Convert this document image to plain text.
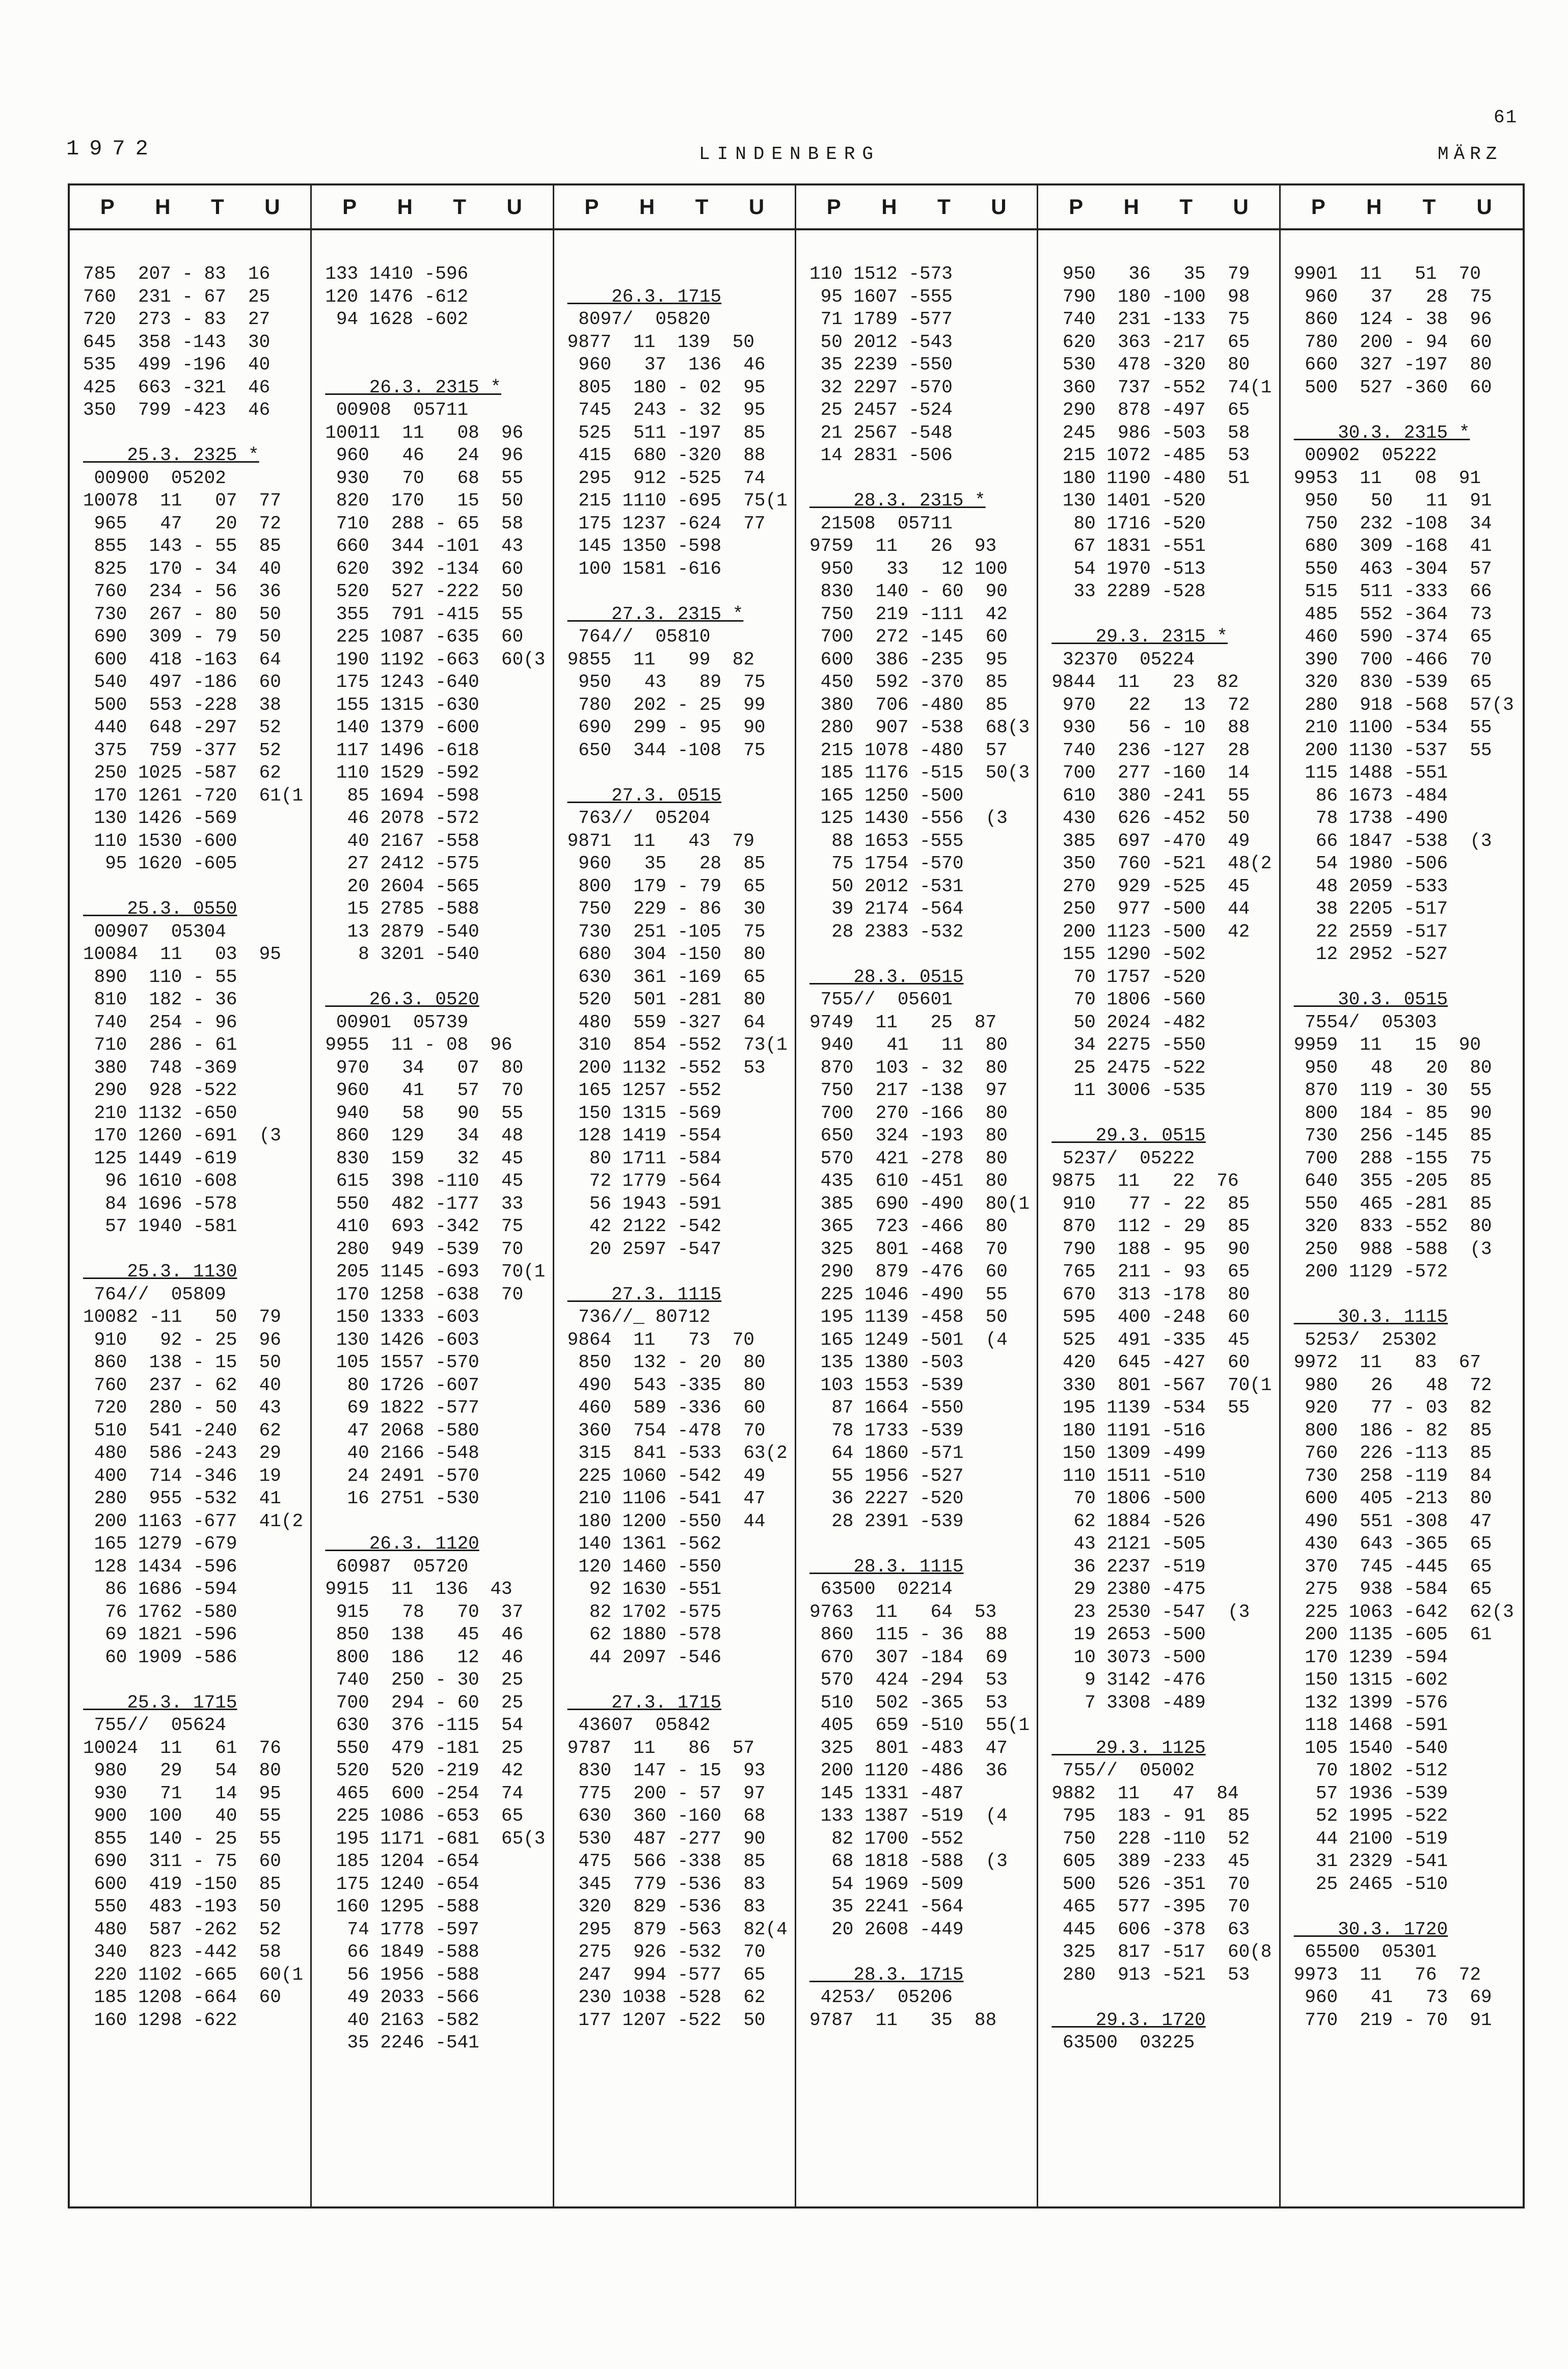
61
1972	LINDENBERG	MÄRZ
P H T U
785  207 - 83  16
760  231 - 67  25
720  273 - 83  27
645  358 -143  30
535  499 -196  40
425  663 -321  46
350  799 -423  46
25.3. 2325 *
00900  05202
10078  11   07  77
965   47   20  72
855  143 - 55  85
825  170 - 34  40
760  234 - 56  36
730  267 - 80  50
690  309 - 79  50
600  418 -163  64
540  497 -186  60
500  553 -228  38
440  648 -297  52
375  759 -377  52
250 1025 -587  62
170 1261 -720  61(1
130 1426 -569
110 1530 -600
95 1620 -605
25.3. 0550
00907  05304
10084  11   03  95
890  110 - 55
810  182 - 36
740  254 - 96
710  286 - 61
380  748 -369
290  928 -522
210 1132 -650
170 1260 -691  (3
125 1449 -619
96 1610 -608
84 1696 -578
57 1940 -581
25.3. 1130
764//  05809
10082 -11   50  79
910   92 - 25  96
860  138 - 15  50
760  237 - 62  40
720  280 - 50  43
510  541 -240  62
480  586 -243  29
400  714 -346  19
280  955 -532  41
200 1163 -677  41(2
165 1279 -679
128 1434 -596
86 1686 -594
76 1762 -580
69 1821 -596
60 1909 -586
25.3. 1715
755//  05624
10024  11   61  76
980   29   54  80
930   71   14  95
900  100   40  55
855  140 - 25  55
690  311 - 75  60
600  419 -150  85
550  483 -193  50
480  587 -262  52
340  823 -442  58
220 1102 -665  60(1
185 1208 -664  60
160 1298 -622
P H T U
133 1410 -596
120 1476 -612
94 1628 -602
26.3. 2315 *
00908  05711
10011  11   08  96
960   46   24  96
930   70   68  55
820  170   15  50
710  288 - 65  58
660  344 -101  43
620  392 -134  60
520  527 -222  50
355  791 -415  55
225 1087 -635  60
190 1192 -663  60(3
175 1243 -640
155 1315 -630
140 1379 -600
117 1496 -618
110 1529 -592
85 1694 -598
46 2078 -572
40 2167 -558
27 2412 -575
20 2604 -565
15 2785 -588
13 2879 -540
8 3201 -540
26.3. 0520
00901  05739
9955  11 - 08  96
970   34   07  80
960   41   57  70
940   58   90  55
860  129   34  48
830  159   32  45
615  398 -110  45
550  482 -177  33
410  693 -342  75
280  949 -539  70
205 1145 -693  70(1
170 1258 -638  70
150 1333 -603
130 1426 -603
105 1557 -570
80 1726 -607
69 1822 -577
47 2068 -580
40 2166 -548
24 2491 -570
16 2751 -530
26.3. 1120
60987  05720
9915  11  136  43
915   78   70  37
850  138   45  46
800  186   12  46
740  250 - 30  25
700  294 - 60  25
630  376 -115  54
550  479 -181  25
520  520 -219  42
465  600 -254  74
225 1086 -653  65
195 1171 -681  65(3
185 1204 -654
175 1240 -654
160 1295 -588
74 1778 -597
66 1849 -588
56 1956 -588
49 2033 -566
40 2163 -582
35 2246 -541
P H T U
26.3. 1715
8097/  05820
9877  11  139  50
960   37  136  46
805  180 - 02  95
745  243 - 32  95
525  511 -197  85
415  680 -320  88
295  912 -525  74
215 1110 -695  75(1
175 1237 -624  77
145 1350 -598
100 1581 -616
27.3. 2315 *
764//  05810
9855  11   99  82
950   43   89  75
780  202 - 25  99
690  299 - 95  90
650  344 -108  75
27.3. 0515
763//  05204
9871  11   43  79
960   35   28  85
800  179 - 79  65
750  229 - 86  30
730  251 -105  75
680  304 -150  80
630  361 -169  65
520  501 -281  80
480  559 -327  64
310  854 -552  73(1
200 1132 -552  53
165 1257 -552
150 1315 -569
128 1419 -554
80 1711 -584
72 1779 -564
56 1943 -591
42 2122 -542
20 2597 -547
27.3. 1115
736//_ 80712
9864  11   73  70
850  132 - 20  80
490  543 -335  80
460  589 -336  60
360  754 -478  70
315  841 -533  63(2
225 1060 -542  49
210 1106 -541  47
180 1200 -550  44
140 1361 -562
120 1460 -550
92 1630 -551
82 1702 -575
62 1880 -578
44 2097 -546
27.3. 1715
43607  05842
9787  11   86  57
830  147 - 15  93
775  200 - 57  97
630  360 -160  68
530  487 -277  90
475  566 -338  85
345  779 -536  83
320  829 -536  83
295  879 -563  82(4
275  926 -532  70
247  994 -577  65
230 1038 -528  62
177 1207 -522  50
P H T U
110 1512 -573
95 1607 -555
71 1789 -577
50 2012 -543
35 2239 -550
32 2297 -570
25 2457 -524
21 2567 -548
14 2831 -506
28.3. 2315 *
21508  05711
9759  11   26  93
950   33   12 100
830  140 - 60  90
750  219 -111  42
700  272 -145  60
600  386 -235  95
450  592 -370  85
380  706 -480  85
280  907 -538  68(3
215 1078 -480  57
185 1176 -515  50(3
165 1250 -500
125 1430 -556  (3
88 1653 -555
75 1754 -570
50 2012 -531
39 2174 -564
28 2383 -532
28.3. 0515
755//  05601
9749  11   25  87
940   41   11  80
870  103 - 32  80
750  217 -138  97
700  270 -166  80
650  324 -193  80
570  421 -278  80
435  610 -451  80
385  690 -490  80(1
365  723 -466  80
325  801 -468  70
290  879 -476  60
225 1046 -490  55
195 1139 -458  50
165 1249 -501  (4
135 1380 -503
103 1553 -539
87 1664 -550
78 1733 -539
64 1860 -571
55 1956 -527
36 2227 -520
28 2391 -539
28.3. 1115
63500  02214
9763  11   64  53
860  115 - 36  88
670  307 -184  69
570  424 -294  53
510  502 -365  53
405  659 -510  55(1
325  801 -483  47
200 1120 -486  36
145 1331 -487
133 1387 -519  (4
82 1700 -552
68 1818 -588  (3
54 1969 -509
35 2241 -564
20 2608 -449
28.3. 1715
4253/  05206
9787  11   35  88
P H T U
950   36   35  79
790  180 -100  98
740  231 -133  75
620  363 -217  65
530  478 -320  80
360  737 -552  74(1
290  878 -497  65
245  986 -503  58
215 1072 -485  53
180 1190 -480  51
130 1401 -520
80 1716 -520
67 1831 -551
54 1970 -513
33 2289 -528
29.3. 2315 *
32370  05224
9844  11   23  82
970   22   13  72
930   56 - 10  88
740  236 -127  28
700  277 -160  14
610  380 -241  55
430  626 -452  50
385  697 -470  49
350  760 -521  48(2
270  929 -525  45
250  977 -500  44
200 1123 -500  42
155 1290 -502
70 1757 -520
70 1806 -560
50 2024 -482
34 2275 -550
25 2475 -522
11 3006 -535
29.3. 0515
5237/  05222
9875  11   22  76
910   77 - 22  85
870  112 - 29  85
790  188 - 95  90
765  211 - 93  65
670  313 -178  80
595  400 -248  60
525  491 -335  45
420  645 -427  60
330  801 -567  70(1
195 1139 -534  55
180 1191 -516
150 1309 -499
110 1511 -510
70 1806 -500
62 1884 -526
43 2121 -505
36 2237 -519
29 2380 -475
23 2530 -547  (3
19 2653 -500
10 3073 -500
9 3142 -476
7 3308 -489
29.3. 1125
755//  05002
9882  11   47  84
795  183 - 91  85
750  228 -110  52
605  389 -233  45
500  526 -351  70
465  577 -395  70
445  606 -378  63
325  817 -517  60(8
280  913 -521  53
29.3. 1720
63500  03225
P H T U
9901  11   51  70
960   37   28  75
860  124 - 38  96
780  200 - 94  60
660  327 -197  80
500  527 -360  60
30.3. 2315 *
00902  05222
9953  11   08  91
950   50   11  91
750  232 -108  34
680  309 -168  41
550  463 -304  57
515  511 -333  66
485  552 -364  73
460  590 -374  65
390  700 -466  70
320  830 -539  65
280  918 -568  57(3
210 1100 -534  55
200 1130 -537  55
115 1488 -551
86 1673 -484
78 1738 -490
66 1847 -538  (3
54 1980 -506
48 2059 -533
38 2205 -517
22 2559 -517
12 2952 -527
30.3. 0515
7554/  05303
9959  11   15  90
950   48   20  80
870  119 - 30  55
800  184 - 85  90
730  256 -145  85
700  288 -155  75
640  355 -205  85
550  465 -281  85
320  833 -552  80
250  988 -588  (3
200 1129 -572
30.3. 1115
5253/  25302
9972  11   83  67
980   26   48  72
920   77 - 03  82
800  186 - 82  85
760  226 -113  85
730  258 -119  84
600  405 -213  80
490  551 -308  47
430  643 -365  65
370  745 -445  65
275  938 -584  65
225 1063 -642  62(3
200 1135 -605  61
170 1239 -594
150 1315 -602
132 1399 -576
118 1468 -591
105 1540 -540
70 1802 -512
57 1936 -539
52 1995 -522
44 2100 -519
31 2329 -541
25 2465 -510
30.3. 1720
65500  05301
9973  11   76  72
960   41   73  69
770  219 - 70  91
